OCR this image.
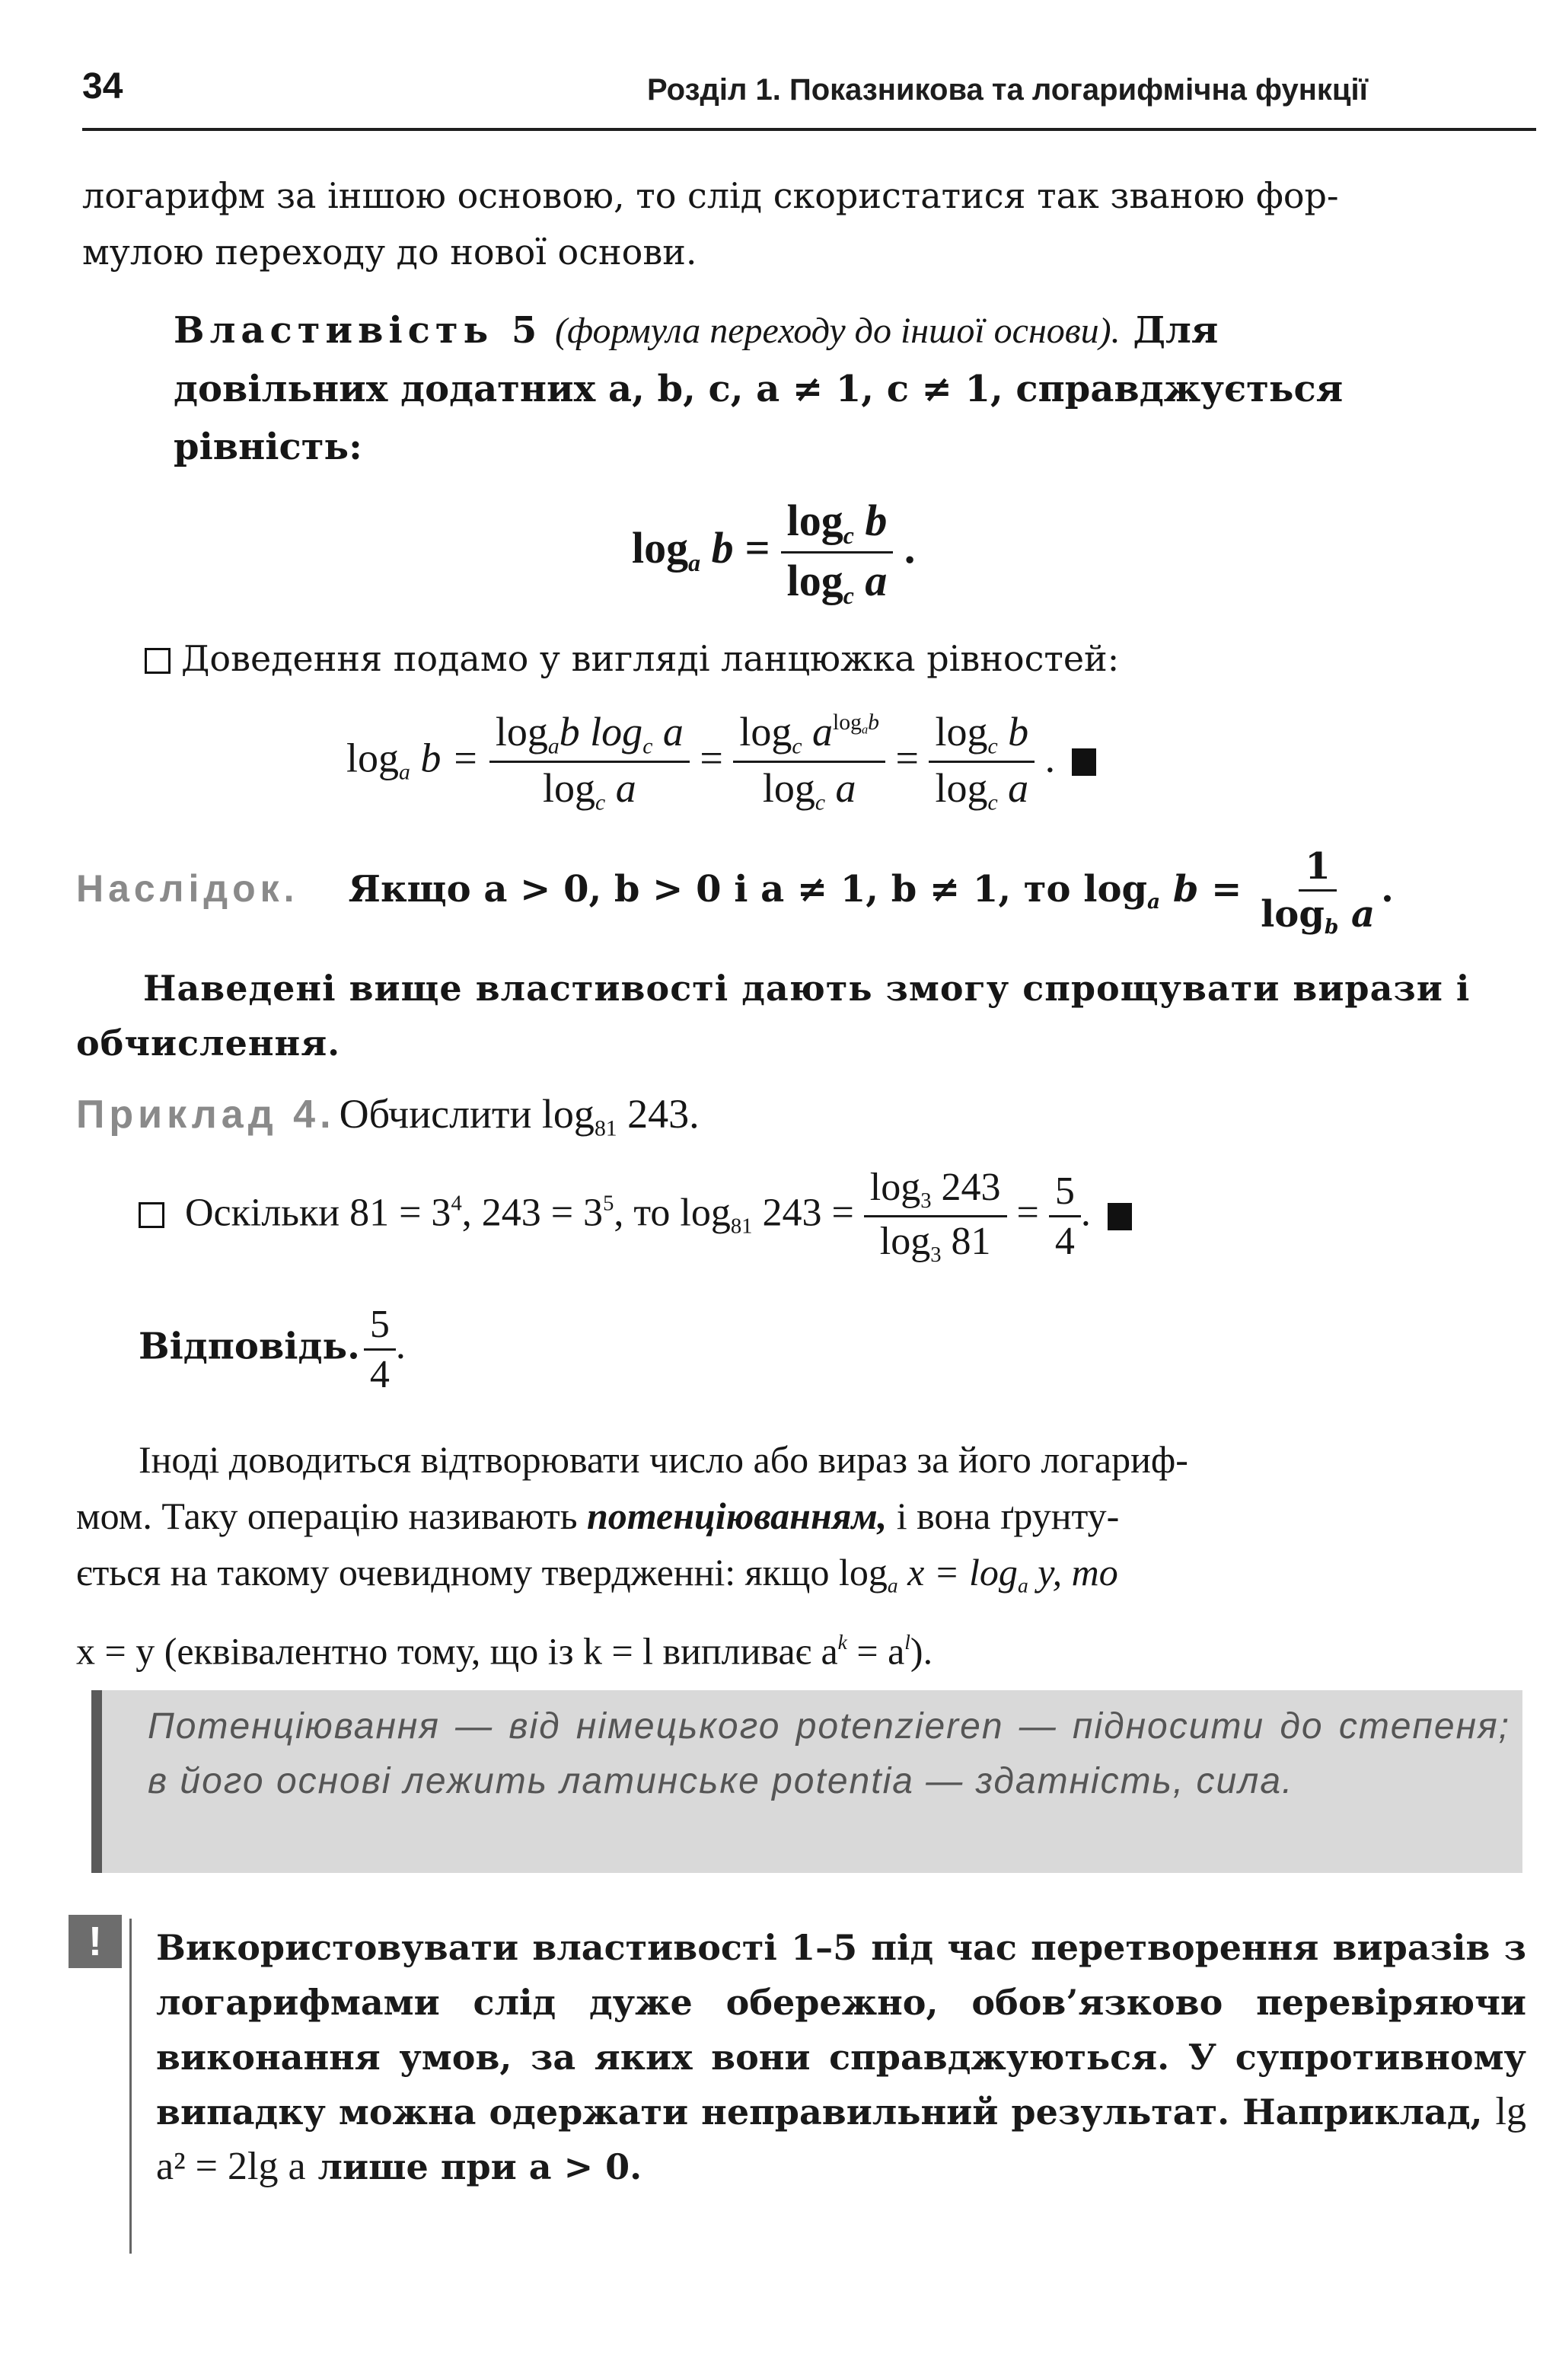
34	Розділ 1. Показникова та логарифмічна функції
логарифм за іншою основою, то слід скористатися так званою фор-
мулою переходу до нової основи.
Властивість 5 (формула переходу до іншої основи). Для
довільних додатних a, b, c, a ≠ 1, c ≠ 1, справджується
рівність:
$\log_a b = \frac{\log_c b}{\log_c a}$ .
Доведення подамо у вигляді ланцюжка рівностей:
$\log_a b = \frac{\log_ab \log_c a}{\log_c a} = \frac{\log_c a^{log_ab}}{\log_c a} = \frac{\log_c b}{\log_c a}$ .
Наслідок. Якщо a > 0, b > 0 і a ≠ 1, b ≠ 1, то $\log_a b = \frac{1}{\log_b a}$ .
Наведені вище властивості дають змогу спрощувати вирази і
обчислення.
Приклад 4. Обчислити $\log_{81} 243$.
Оскільки $81 = 3^4$, $243 = 3^5$, то $\log_{81} 243 = \frac{\log_3 243}{\log_3 81} = \frac{5}{4}$ .
Відповідь. $\frac{5}{4}$ .
Іноді доводиться відтворювати число або вираз за його логариф-
мом. Таку операцію називають потенціюванням, і вона ґрунту-
ється на такому очевидному твердженні: якщо $\log_a x = \log_a y$, то
x = y (еквівалентно тому, що із k = l випливає $a^k = a^l$).
Потенціювання — від німецького potenzieren — підносити до степеня; в його основі лежить латинське potentia — здатність, сила.
!	Використовувати властивості 1–5 під час перетворення виразів з логарифмами слід дуже обережно, обов’язково перевіряючи виконання умов, за яких вони справджуються. У супротивному випадку можна одержати неправильний результат. Наприклад, lg a² = 2lg a лише при a > 0.
